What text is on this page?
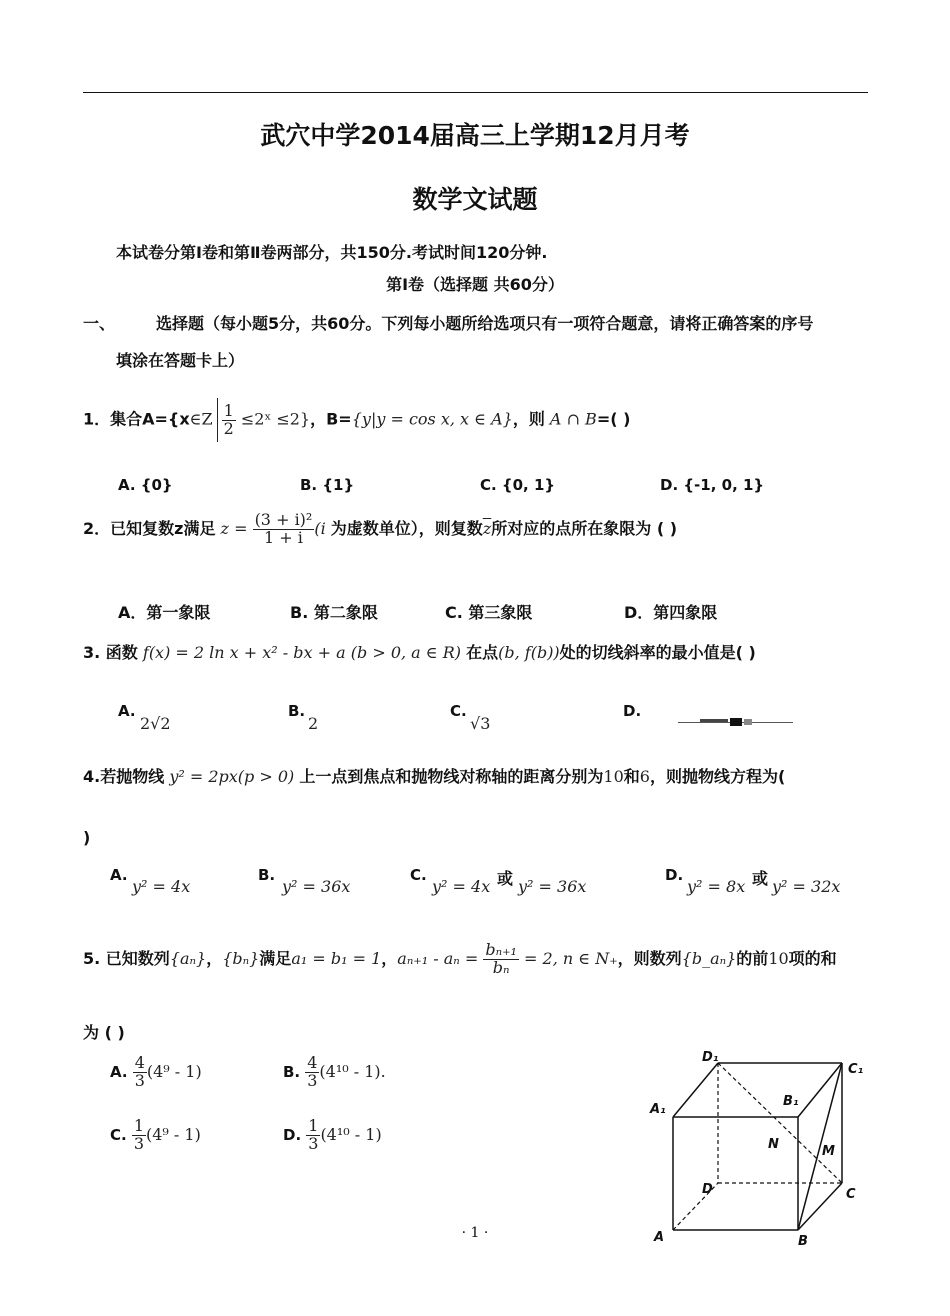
武穴中学2014届高三上学期12月月考
数学文试题
本试卷分第Ⅰ卷和第Ⅱ卷两部分，共150分.考试时间120分钟.
第Ⅰ卷（选择题 共60分）
一、	选择题（每小题5分，共60分。下列每小题所给选项只有一项符合题意，请将正确答案的序号
填涂在答题卡上）
1．集合A={x∈Z $\frac{1}{2}$ ≤2ˣ ≤2}，B={y|y = cos x, x ∈ A}，则 A ∩ B=( )
A. {0}	B. {1}	C. {0, 1}	D. {-1, 0, 1}
2．已知复数z满足 $z = \frac{\text{(3 + i)²}}{1 + i} (i$ 为虚数单位），则复数$\overline{z}$所对应的点所在象限为 ( )
A．第一象限	B. 第二象限	C. 第三象限	D．第四象限
3. 函数 f(x) = 2 ln x + x² - bx + a (b > 0, a ∈ R) 在点(b, f(b))处的切线斜率的最小值是( )
A.
2√2
B.
2
C.
√3
D.
4.若抛物线 y² = 2px(p > 0) 上一点到焦点和抛物线对称轴的距离分别为10和6，则抛物线方程为(
)
A.
y² = 4x
B.
y² = 36x
C.
y² = 4x 或 y² = 36x
D.
y² = 8x 或 y² = 32x
5. 已知数列{aₙ}，{bₙ}满足a₁ = b₁ = 1，$a_{n+1} - a_n = \frac{\text{bₙ₊₁}}{\text{bₙ}} = 2$, n ∈ N₊，则数列{b_aₙ}的前10项的和
为 ( )
A. $\frac{4}{3} (4^9 - 1)$	B. $\frac{4}{3} (4^{10} - 1)$.
C. $\frac{1}{3} (4^9 - 1)$	D. $\frac{1}{3} (4^{10} - 1)$
D₁
C₁
A₁
B₁
N	M
D	C
A	B
· 1 ·
